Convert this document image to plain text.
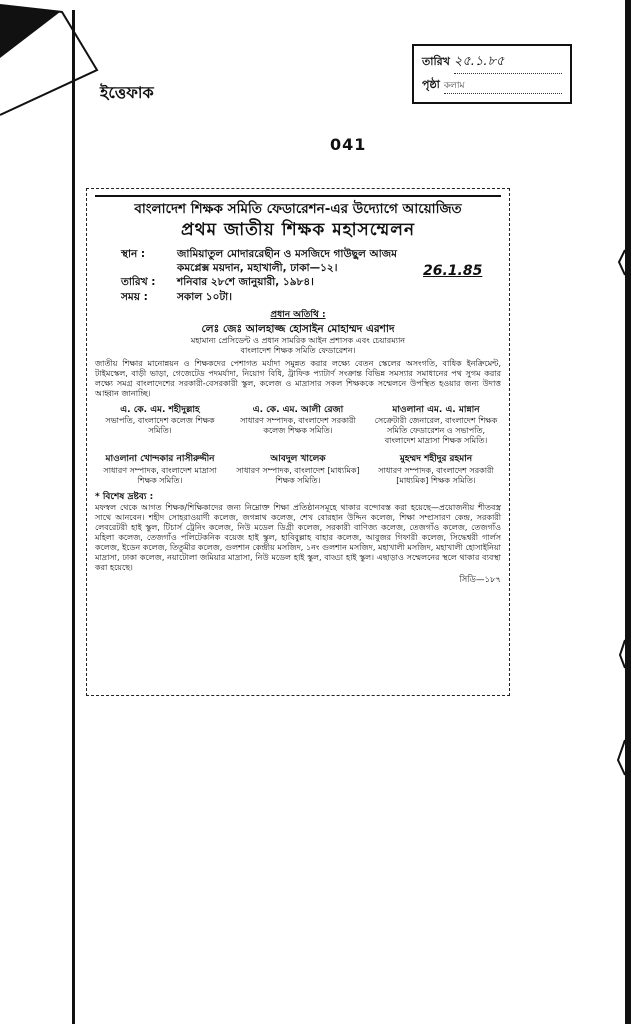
ইত্তেফাক
তারিখ ২৫.১.৮৫
পৃষ্ঠা কলাম
041
বাংলাদেশ শিক্ষক সমিতি ফেডারেশন-এর উদ্যোগে আয়োজিত
প্রথম জাতীয় শিক্ষক মহাসম্মেলন
স্থান :	জামিয়াতুল মোদাররেছীন ও মসজিদে গাউছুল আজম
কমপ্লেক্স ময়দান, মহাখালী, ঢাকা—১২।
তারিখ :	শনিবার ২৮শে জানুয়ারী, ১৯৮৪।
সময় :	সকাল ১০টা।
26.1.85
প্রধান অতিথি :
লেঃ জেঃ আলহাজ্জ হোসাইন মোহাম্মদ এরশাদ
মহামান্য প্রেসিডেন্ট ও প্রধান সামরিক আইন প্রশাসক এবং চেয়ারম্যান
বাংলাদেশ শিক্ষক সমিতি ফেডারেশন।
জাতীয় শিক্ষার মানোন্নয়ন ও শিক্ষকদের পেশাগত মর্যাদা সমুন্নত করার লক্ষ্যে বেতন স্কেলের অসংগতি, বাধিক ইনক্রিমেন্ট, টাইমস্কেল, বাড়ী ভাড়া, গেজেটেড পদমর্যাদা, নিয়োগ বিধি, ট্রাফিক প্যাটার্ণ সংক্রান্ত বিভিন্ন সমস্যার সমাধানের পথ সুগম করার লক্ষ্যে সমগ্র বাংলাদেশের সরকারী-বেসরকারী স্কুল, কলেজ ও মাদ্রাসার সকল শিক্ষককে সম্মেলনে উপস্থিত হওয়ার জন্য উদাত্ত আহ্বান জানাচ্ছি।
এ. কে. এম. শহীদুল্লাহ
সভাপতি, বাংলাদেশ কলেজ শিক্ষক সমিতি।
এ. কে. এম. আলী রেজা
সাধারণ সম্পাদক, বাংলাদেশ সরকারী কলেজ শিক্ষক সমিতি।
মাওলানা এম. এ. মান্নান
সেক্রেটারী জেনারেল, বাংলাদেশ শিক্ষক সমিতি ফেডারেশন ও সভাপতি, বাংলাদেশ মাদ্রাসা শিক্ষক সমিতি।
মাওলানা খোন্দকার নাসীরুদ্দীন
সাধারণ সম্পাদক, বাংলাদেশ মাদ্রাসা শিক্ষক সমিতি।
আবদুল খালেক
সাধারণ সম্পাদক, বাংলাদেশ [মাধ্যমিক] শিক্ষক সমিতি।
মুহম্মদ শহীদুর রহমান
সাধারণ সম্পাদক, বাংলাদেশ সরকারী [মাধ্যমিক] শিক্ষক সমিতি।
* বিশেষ দ্রষ্টব্য :
মফস্বল থেকে আগত শিক্ষক/শিক্ষিকাদের জন্য নিম্নোক্ত শিক্ষা প্রতিষ্ঠানসমূহে থাকার বন্দোবস্ত করা হয়েছে—প্রয়োজনীয় শীতবস্ত্র সাথে আনবেন। শহীদ সোহরাওয়ার্দী কলেজ, জগন্নাথ কলেজ, শেখ বোরহান উদ্দিন কলেজ, শিক্ষা সম্প্রসারণ কেন্দ্র, সরকারী লেবরেটরী হাই স্কুল, টিচার্স ট্রেনিং কলেজ, নিউ মডেল ডিগ্রী কলেজ, সরকারী বাণিজ্য কলেজ, তেজগাঁও কলেজ, তেজগাঁও মহিলা কলেজ, তেজগাঁও পলিটেকনিক বয়েজ হাই স্কুল, হাবিবুল্লাহ বাহার কলেজ, আবুজর গিফারী কলেজ, সিদ্ধেশ্বরী গার্লস কলেজ, ইডেন কলেজ, তিতুমীর কলেজ, গুলশান কেন্দ্রীয় মসজিদ, ১নং গুলশান মসজিদ, মহাখালী মসজিদ, মহাখালী হোসাইনিয়া মাদ্রাসা, ঢাকা কলেজ, নয়াটোলা জমিয়ার মাদ্রাসা, নিউ মডেল হাই স্কুল, বাড্ডা হাই স্কুল। এছাড়াও সম্মেলনের স্থলে থাকার ব্যবস্থা করা হয়েছে।
সিডি—১৮৭
